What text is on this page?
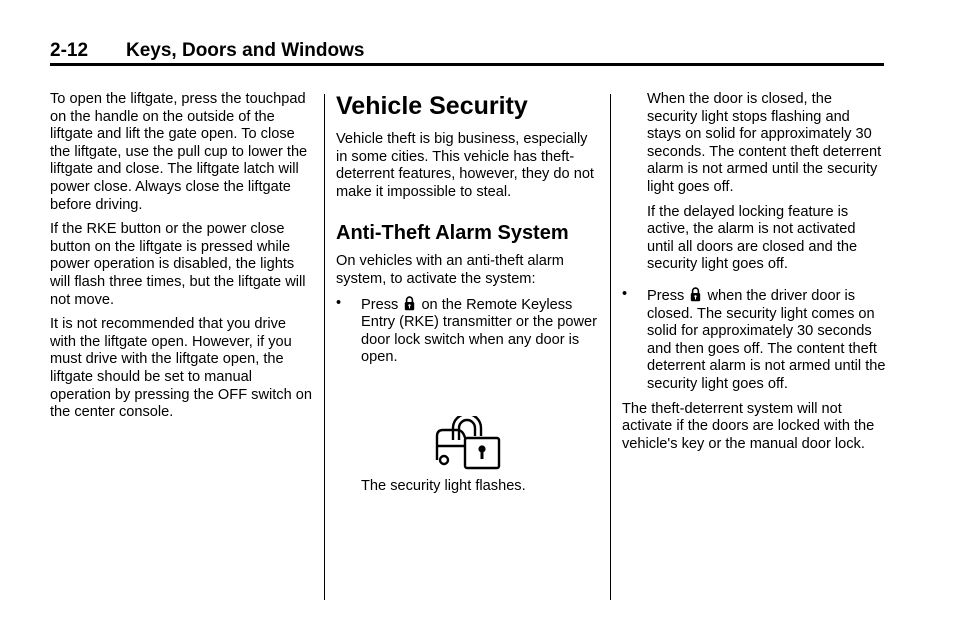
2-12 Keys, Doors and Windows

To open the liftgate, press the touchpad on the handle on the outside of the liftgate and lift the gate open. To close the liftgate, use the pull cup to lower the liftgate and close. The liftgate latch will power close. Always close the liftgate before driving.

If the RKE button or the power close button on the liftgate is pressed while power operation is disabled, the lights will flash three times, but the liftgate will not move.

It is not recommended that you drive with the liftgate open. However, if you must drive with the liftgate open, the liftgate should be set to manual operation by pressing the OFF switch on the center console.

Vehicle Security

Vehicle theft is big business, especially in some cities. This vehicle has theft-deterrent features, however, they do not make it impossible to steal.

Anti-Theft Alarm System

On vehicles with an anti-theft alarm system, to activate the system:

• Press on the Remote Keyless Entry (RKE) transmitter or the power door lock switch when any door is open.

The security light flashes.

When the door is closed, the security light stops flashing and stays on solid for approximately 30 seconds. The content theft deterrent alarm is not armed until the security light goes off.

If the delayed locking feature is active, the alarm is not activated until all doors are closed and the security light goes off.

• Press when the driver door is closed. The security light comes on solid for approximately 30 seconds and then goes off. The content theft deterrent alarm is not armed until the security light goes off.

The theft-deterrent system will not activate if the doors are locked with the vehicle's key or the manual door lock.
